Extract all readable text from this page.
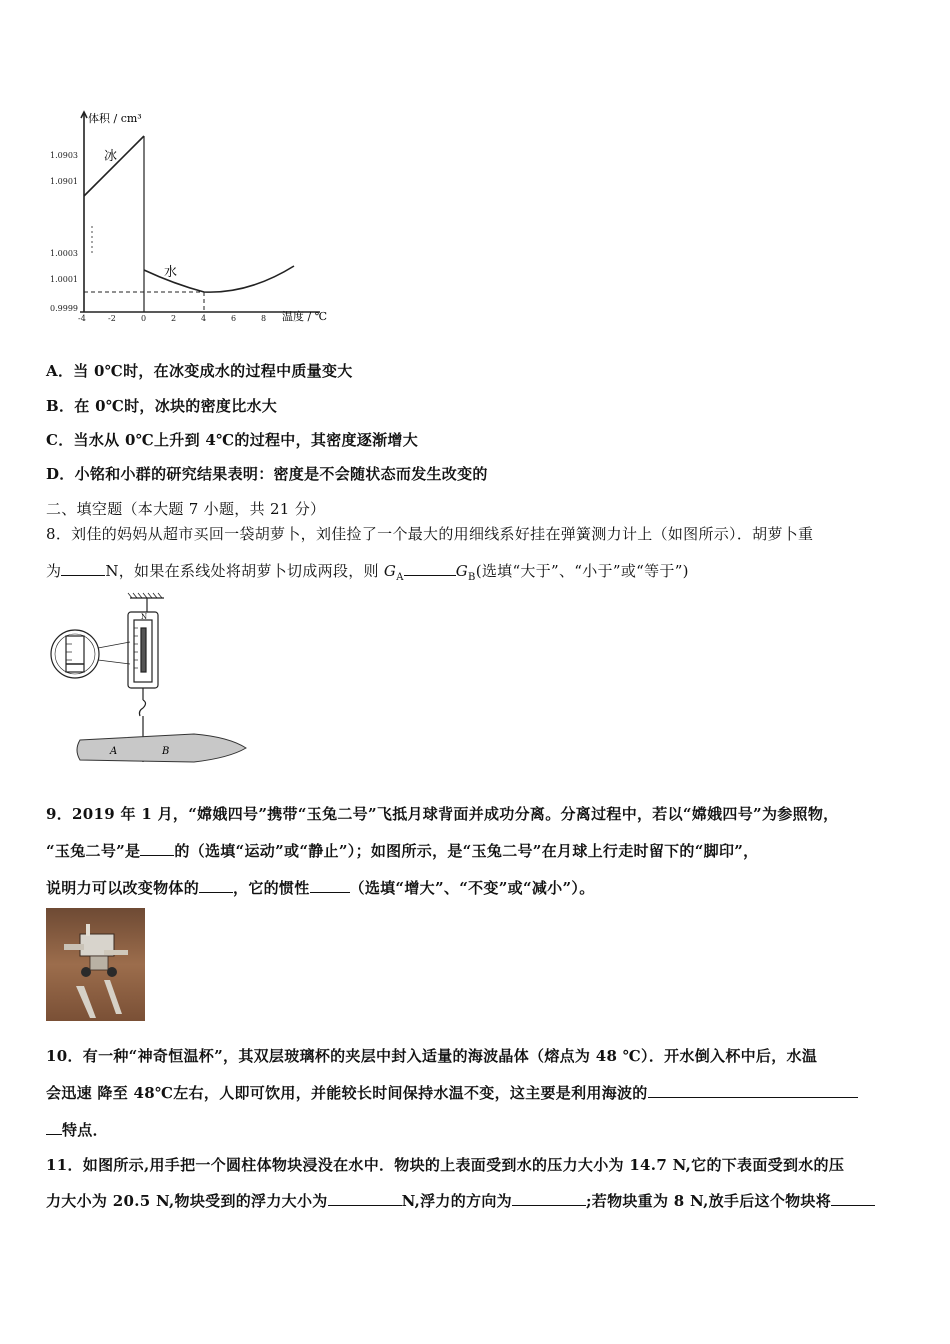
体积 / cm³
温度 / ℃
冰
水
1.0903
1.0901
1.0003
1.0001
0.9999
-4	-2	0	2	4	6	8
A．当 0℃时，在冰变成水的过程中质量变大
B．在 0℃时，冰块的密度比水大
C．当水从 0℃上升到 4℃的过程中，其密度逐渐增大
D．小铭和小群的研究结果表明：密度是不会随状态而发生改变的
二、填空题（本大题 7 小题，共 21 分）
8．刘佳的妈妈从超市买回一袋胡萝卜，刘佳捡了一个最大的用细线系好挂在弹簧测力计上（如图所示）．胡萝卜重
为	N，如果在系线处将胡萝卜切成两段，则 $G_A$	$G_B$(选填“大于”、“小于”或“等于”)
N
A	B
9．2019 年 1 月，“嫦娥四号”携带“玉兔二号”飞抵月球背面并成功分离。分离过程中，若以“嫦娥四号”为参照物，
“玉兔二号”是 的（选填“运动”或“静止”）；如图所示，是“玉兔二号”在月球上行走时留下的“脚印”，
说明力可以改变物体的 ，它的惯性	（选填“增大”、“不变”或“减小”）。
10．有一种“神奇恒温杯”，其双层玻璃杯的夹层中封入适量的海波晶体（熔点为 48 ℃）．开水倒入杯中后，水温
会迅速 降至 48℃左右，人即可饮用，并能较长时间保持水温不变，这主要是利用海波的
特点．
11．如图所示,用手把一个圆柱体物块浸没在水中．物块的上表面受到水的压力大小为 14.7 N,它的下表面受到水的压
力大小为 20.5 N,物块受到的浮力大小为	N,浮力的方向为	;若物块重为 8 N,放手后这个物块将
